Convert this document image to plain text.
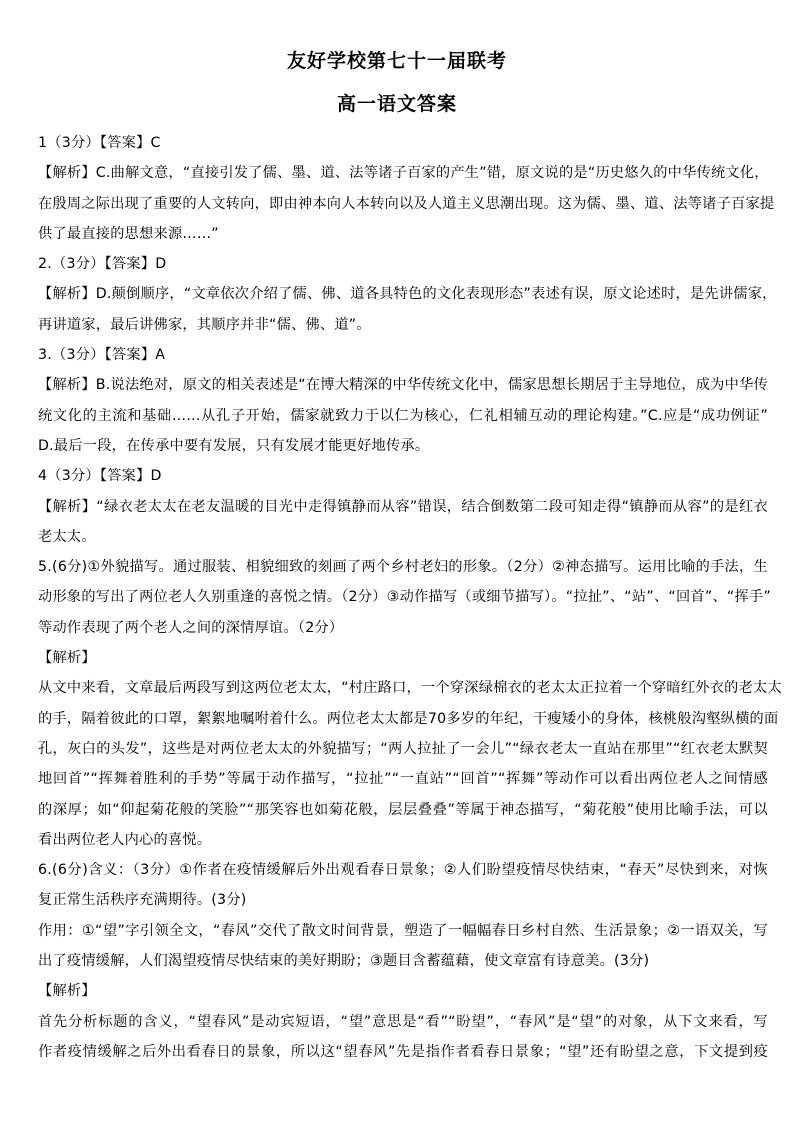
友好学校第七十一届联考
高一语文答案
1（3分）【答案】C
【解析】C.曲解文意，“直接引发了儒、墨、道、法等诸子百家的产生”错，原文说的是“历史悠久的中华传统文化，
在殷周之际出现了重要的人文转向，即由神本向人本转向以及人道主义思潮出现。这为儒、墨、道、法等诸子百家提
供了最直接的思想来源……”
2.（3分）【答案】D
【解析】D.颠倒顺序，“文章依次介绍了儒、佛、道各具特色的文化表现形态”表述有误，原文论述时，是先讲儒家，
再讲道家，最后讲佛家，其顺序并非“儒、佛、道”。
3.（3分）【答案】A
【解析】B.说法绝对，原文的相关表述是“在博大精深的中华传统文化中，儒家思想长期居于主导地位，成为中华传
统文化的主流和基础……从孔子开始，儒家就致力于以仁为核心，仁礼相辅互动的理论构建。”C.应是“成功例证”
D.最后一段，在传承中要有发展，只有发展才能更好地传承。
4（3分）【答案】D
【解析】“绿衣老太太在老友温暖的目光中走得镇静而从容”错误，结合倒数第二段可知走得“镇静而从容”的是红衣
老太太。
5.(6分)①外貌描写。通过服装、相貌细致的刻画了两个乡村老妇的形象。（2分）②神态描写。运用比喻的手法，生
动形象的写出了两位老人久别重逢的喜悦之情。（2分）③动作描写（或细节描写）。“拉扯”、“站”、“回首”、“挥手”
等动作表现了两个老人之间的深情厚谊。（2分）
【解析】
从文中来看，文章最后两段写到这两位老太太，“村庄路口，一个穿深绿棉衣的老太太正拉着一个穿暗红外衣的老太太
的手，隔着彼此的口罩，絮絮地嘱咐着什么。两位老太太都是70多岁的年纪，干瘦矮小的身体，核桃般沟壑纵横的面
孔，灰白的头发”，这些是对两位老太太的外貌描写；“两人拉扯了一会儿”“绿衣老太一直站在那里”“红衣老太默契
地回首”“挥舞着胜利的手势”等属于动作描写，“拉扯”“一直站”“回首”“挥舞”等动作可以看出两位老人之间情感
的深厚；如“仰起菊花般的笑脸”“那笑容也如菊花般，层层叠叠”等属于神态描写，“菊花般”使用比喻手法，可以
看出两位老人内心的喜悦。
6.(6分)含义：（3分）①作者在疫情缓解后外出观看春日景象；②人们盼望疫情尽快结束，“春天”尽快到来，对恢
复正常生活秩序充满期待。(3分)
作用：①“望”字引领全文，“春风”交代了散文时间背景，塑造了一幅幅春日乡村自然、生活景象；②一语双关，写
出了疫情缓解，人们渴望疫情尽快结束的美好期盼；③题目含蓄蕴藉，使文章富有诗意美。(3分)
【解析】
首先分析标题的含义，“望春风”是动宾短语，“望”意思是“看”“盼望”，“春风”是“望”的对象，从下文来看，写
作者疫情缓解之后外出看春日的景象，所以这“望春风”先是指作者看春日景象；“望”还有盼望之意，下文提到疫
